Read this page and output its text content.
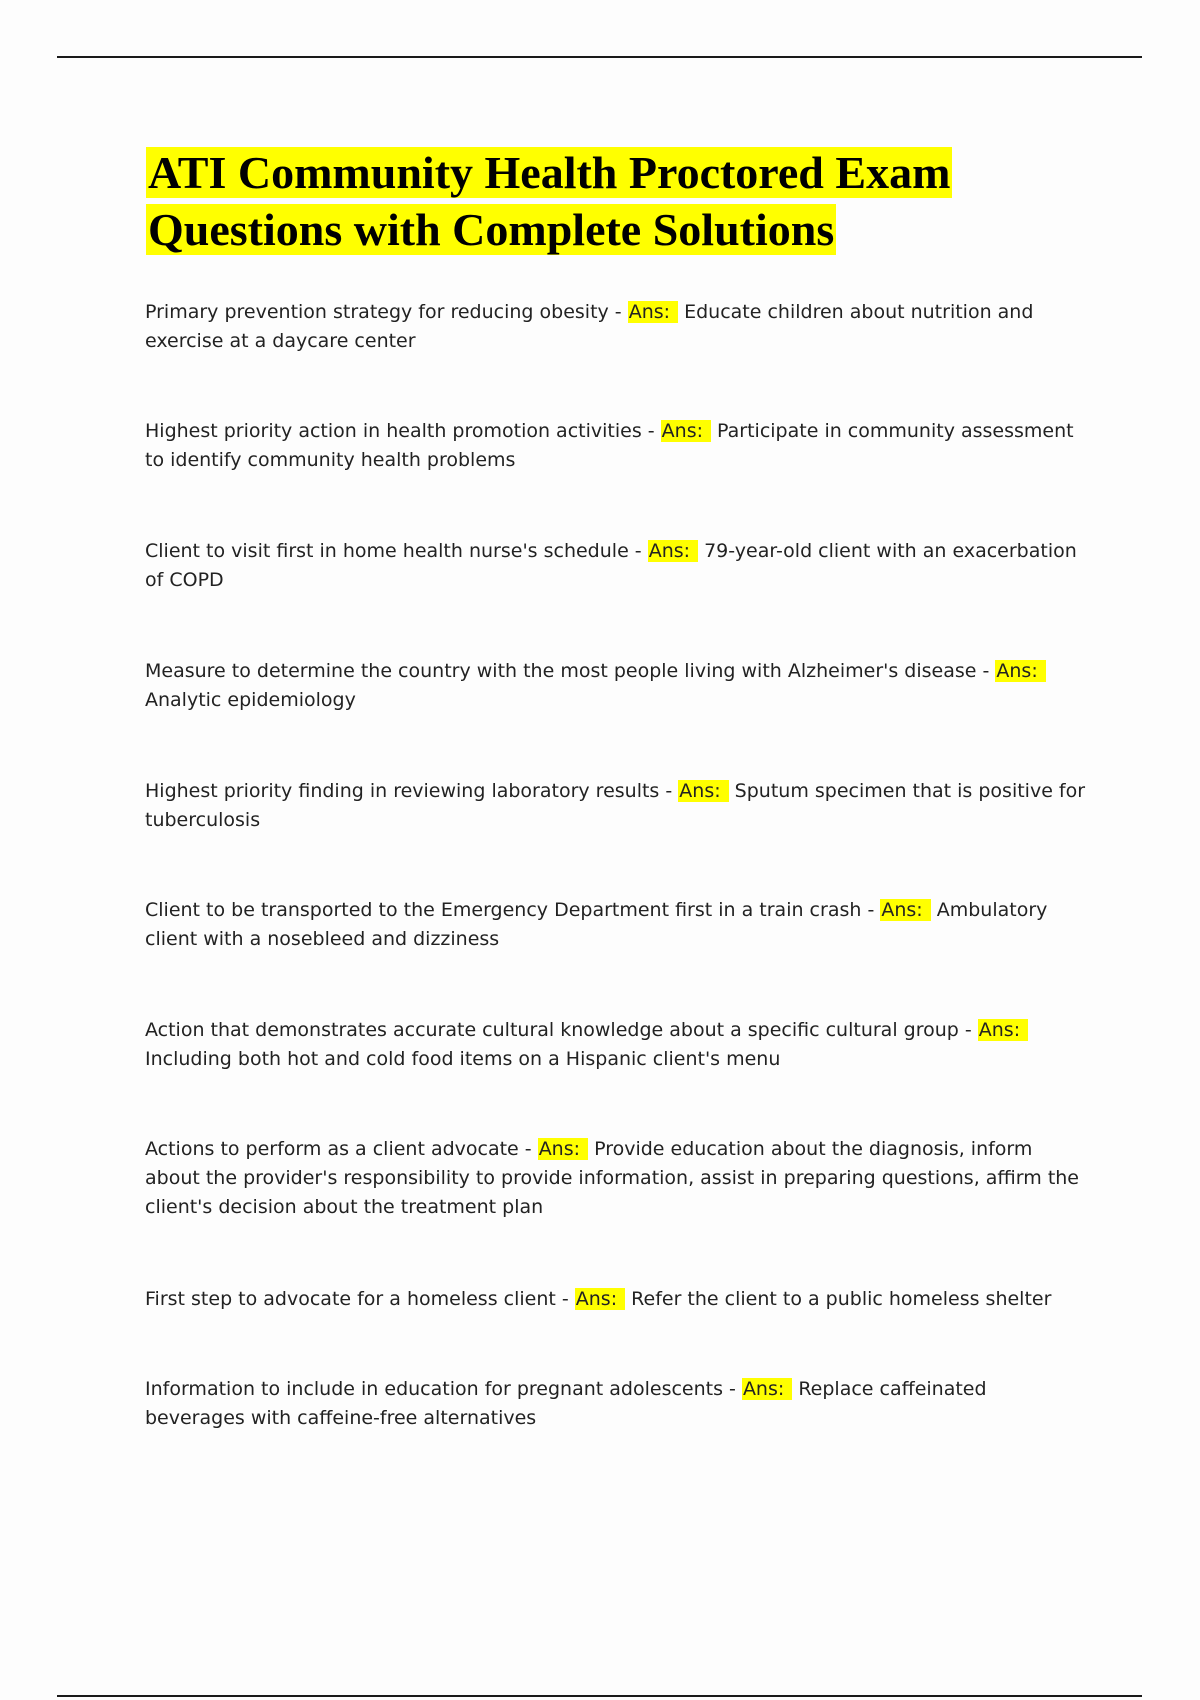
ATI Community Health Proctored Exam Questions with Complete Solutions
Primary prevention strategy for reducing obesity - Ans: Educate children about nutrition and exercise at a daycare center
Highest priority action in health promotion activities - Ans: Participate in community assessment to identify community health problems
Client to visit first in home health nurse's schedule - Ans: 79-year-old client with an exacerbation of COPD
Measure to determine the country with the most people living with Alzheimer's disease - Ans: Analytic epidemiology
Highest priority finding in reviewing laboratory results - Ans: Sputum specimen that is positive for tuberculosis
Client to be transported to the Emergency Department first in a train crash - Ans: Ambulatory client with a nosebleed and dizziness
Action that demonstrates accurate cultural knowledge about a specific cultural group - Ans: Including both hot and cold food items on a Hispanic client's menu
Actions to perform as a client advocate - Ans: Provide education about the diagnosis, inform about the provider's responsibility to provide information, assist in preparing questions, affirm the client's decision about the treatment plan
First step to advocate for a homeless client - Ans: Refer the client to a public homeless shelter
Information to include in education for pregnant adolescents - Ans: Replace caffeinated beverages with caffeine-free alternatives
